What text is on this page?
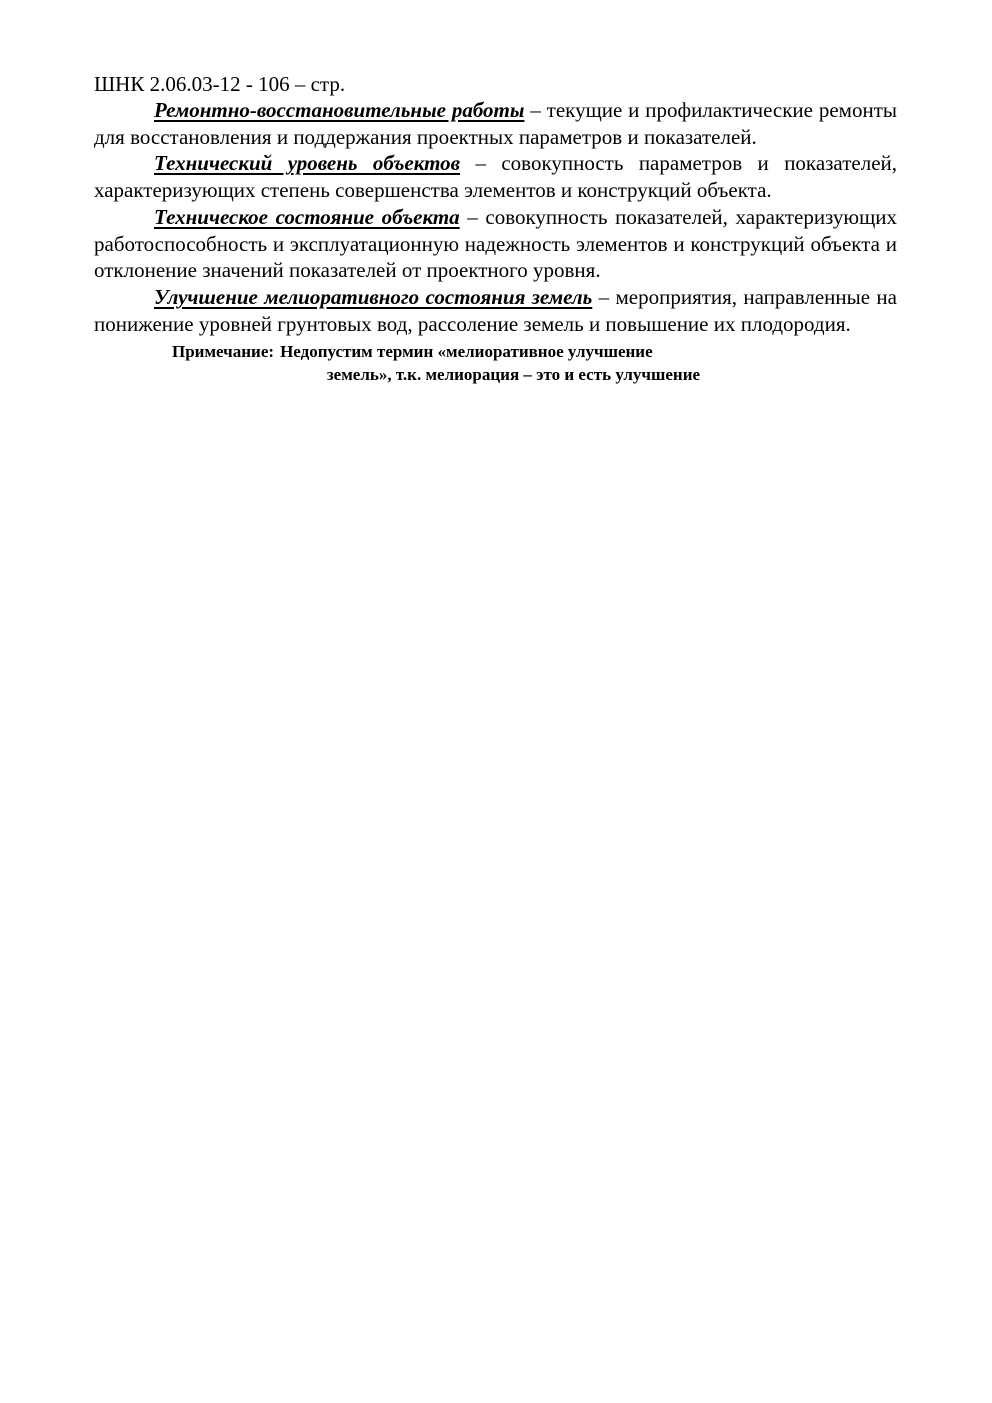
ШНК 2.06.03-12 - 106 – стр.

Ремонтно-восстановительные работы – текущие и профилактические ремонты для восстановления и поддержания проектных параметров и показателей.

Технический уровень объектов – совокупность параметров и показателей, характеризующих степень совершенства элементов и конструкций объекта.

Техническое состояние объекта – совокупность показателей, характеризующих работоспособность и эксплуатационную надежность элементов и конструкций объекта и отклонение значений показателей от проектного уровня.

Улучшение мелиоративного состояния земель – мероприятия, направленные на понижение уровней грунтовых вод, рассоление земель и повышение их плодородия.

Примечание: Недопустим термин «мелиоративное улучшение
земель», т.к. мелиорация – это и есть улучшение
